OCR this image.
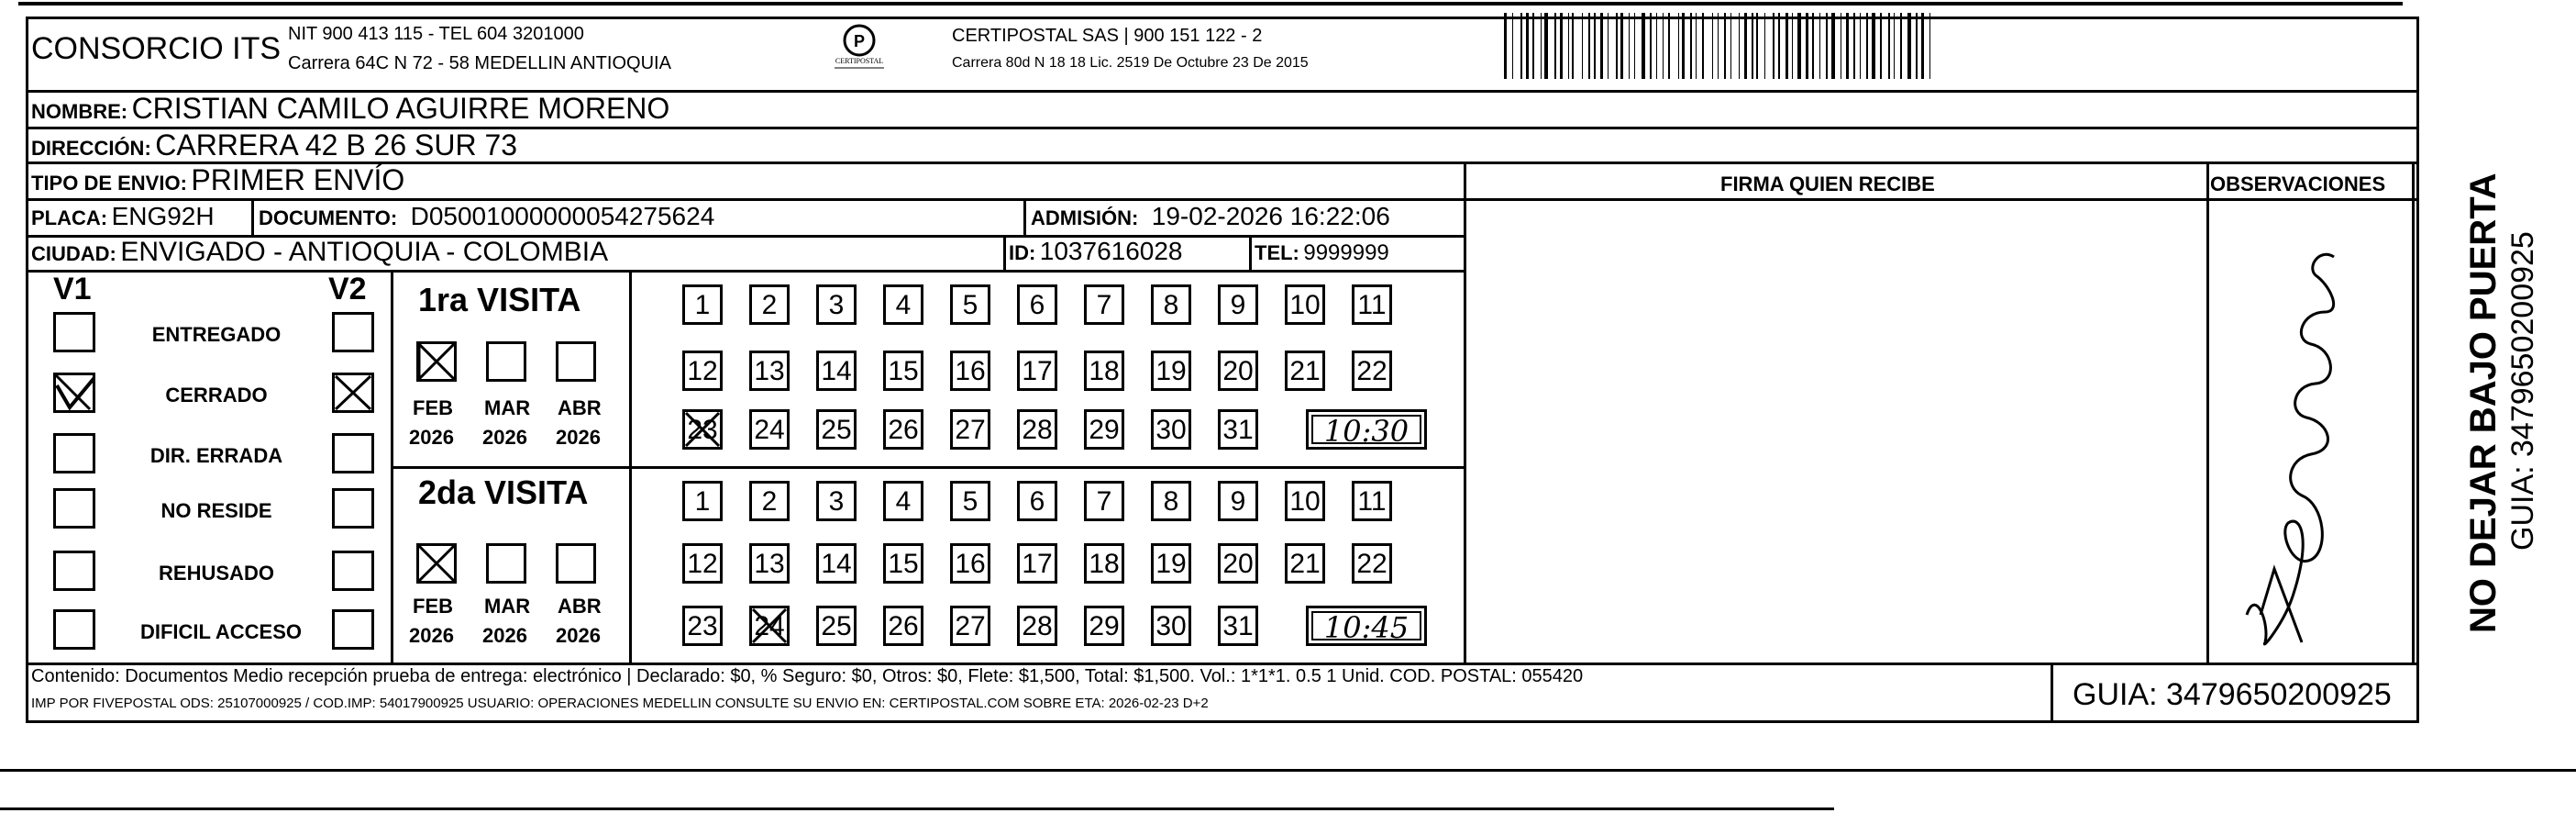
CONSORCIO ITS NIT 900 413 115 - TEL 604 3201000
Carrera 64C N 72 - 58 MEDELLIN ANTIOQUIA
P
CERTIPOSTAL
CERTIPOSTAL SAS | 900 151 122 - 2
Carrera 80d N 18 18 Lic. 2519 De Octubre 23 De 2015
NOMBRE: CRISTIAN CAMILO AGUIRRE MORENO
DIRECCIÓN: CARRERA 42 B 26 SUR 73
TIPO DE ENVIO: PRIMER ENVÍO	FIRMA QUIEN RECIBE	OBSERVACIONES
PLACA: ENG92H DOCUMENTO: D05001000000054275624	ADMISIÓN: 19-02-2026 16:22:06
CIUDAD: ENVIGADO - ANTIOQUIA - COLOMBIA	ID: 1037616028	TEL: 9999999
V1	V2
ENTREGADO
CERRADO
DIR. ERRADA
NO RESIDE
REHUSADO
DIFICIL ACCESO
1ra VISITA
FEB
2026
MAR
2026
ABR
2026
1	2	3	4	5	6	7	8	9	10 11
12 13 14 15 16 17 18 19 20 21 22
23 24 25 26 27 28 29 30 31	10:30
2da VISITA
FEB
2026
MAR
2026
ABR
2026
1	2	3	4	5	6	7	8	9	10 11
12 13 14 15 16 17 18 19 20 21 22
23 24 25 26 27 28 29 30 31	10:45	NO DEJAR BAJO PUERTA GUIA: 3479650200925
Contenido: Documentos Medio recepción prueba de entrega: electrónico | Declarado: $0, % Seguro: $0, Otros: $0, Flete: $1,500, Total: $1,500. Vol.: 1*1*1. 0.5 1 Unid. COD. POSTAL: 055420
IMP POR FIVEPOSTAL ODS: 25107000925 / COD.IMP: 54017900925 USUARIO: OPERACIONES MEDELLIN CONSULTE SU ENVIO EN: CERTIPOSTAL.COM SOBRE ETA: 2026-02-23 D+2	GUIA: 3479650200925
